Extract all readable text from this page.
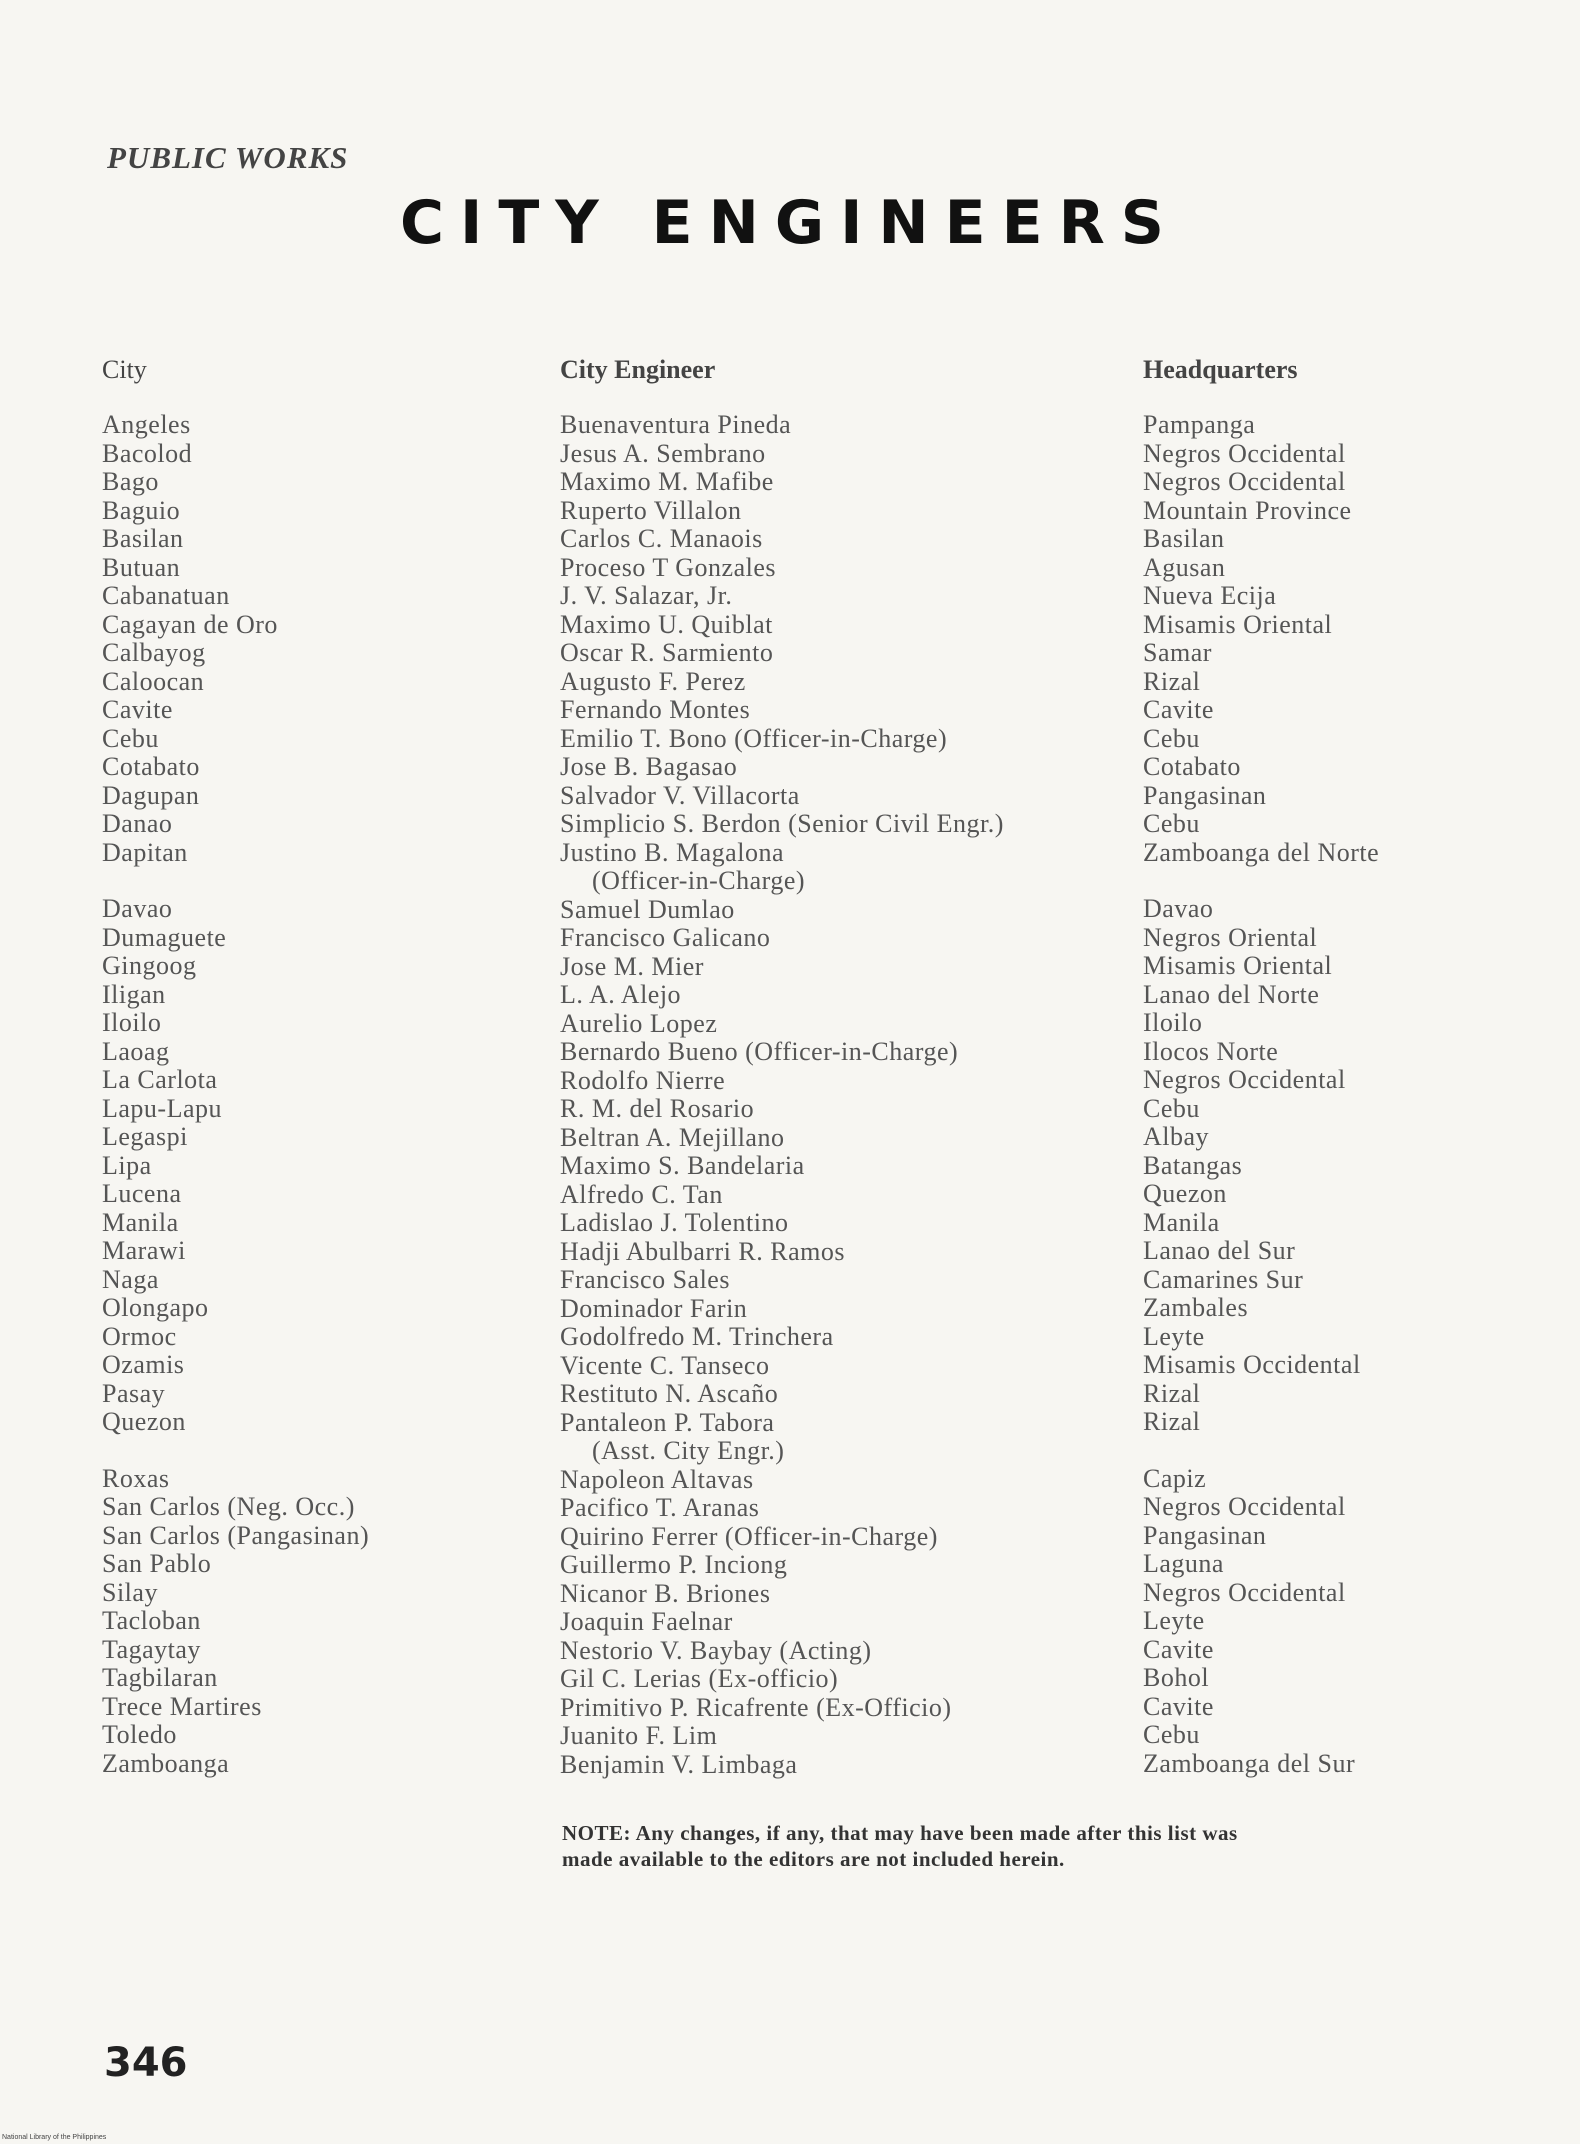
PUBLIC WORKS
CITY ENGINEERS
City
Angeles
Bacolod
Bago
Baguio
Basilan
Butuan
Cabanatuan
Cagayan de Oro
Calbayog
Caloocan
Cavite
Cebu
Cotabato
Dagupan
Danao
Dapitan
Davao
Dumaguete
Gingoog
Iligan
Iloilo
Laoag
La Carlota
Lapu-Lapu
Legaspi
Lipa
Lucena
Manila
Marawi
Naga
Olongapo
Ormoc
Ozamis
Pasay
Quezon
Roxas
San Carlos (Neg. Occ.)
San Carlos (Pangasinan)
San Pablo
Silay
Tacloban
Tagaytay
Tagbilaran
Trece Martires
Toledo
Zamboanga
City Engineer
Buenaventura Pineda
Jesus A. Sembrano
Maximo M. Mafibe
Ruperto Villalon
Carlos C. Manaois
Proceso T Gonzales
J. V. Salazar, Jr.
Maximo U. Quiblat
Oscar R. Sarmiento
Augusto F. Perez
Fernando Montes
Emilio T. Bono (Officer-in-Charge)
Jose B. Bagasao
Salvador V. Villacorta
Simplicio S. Berdon (Senior Civil Engr.)
Justino B. Magalona
(Officer-in-Charge)
Samuel Dumlao
Francisco Galicano
Jose M. Mier
L. A. Alejo
Aurelio Lopez
Bernardo Bueno (Officer-in-Charge)
Rodolfo Nierre
R. M. del Rosario
Beltran A. Mejillano
Maximo S. Bandelaria
Alfredo C. Tan
Ladislao J. Tolentino
Hadji Abulbarri R. Ramos
Francisco Sales
Dominador Farin
Godolfredo M. Trinchera
Vicente C. Tanseco
Restituto N. Ascaño
Pantaleon P. Tabora
(Asst. City Engr.)
Napoleon Altavas
Pacifico T. Aranas
Quirino Ferrer (Officer-in-Charge)
Guillermo P. Inciong
Nicanor B. Briones
Joaquin Faelnar
Nestorio V. Baybay (Acting)
Gil C. Lerias (Ex-officio)
Primitivo P. Ricafrente (Ex-Officio)
Juanito F. Lim
Benjamin V. Limbaga
Headquarters
Pampanga
Negros Occidental
Negros Occidental
Mountain Province
Basilan
Agusan
Nueva Ecija
Misamis Oriental
Samar
Rizal
Cavite
Cebu
Cotabato
Pangasinan
Cebu
Zamboanga del Norte
Davao
Negros Oriental
Misamis Oriental
Lanao del Norte
Iloilo
Ilocos Norte
Negros Occidental
Cebu
Albay
Batangas
Quezon
Manila
Lanao del Sur
Camarines Sur
Zambales
Leyte
Misamis Occidental
Rizal
Rizal
Capiz
Negros Occidental
Pangasinan
Laguna
Negros Occidental
Leyte
Cavite
Bohol
Cavite
Cebu
Zamboanga del Sur
NOTE: Any changes, if any, that may have been made after this list was made available to the editors are not included herein.
346
National Library of the Philippines
